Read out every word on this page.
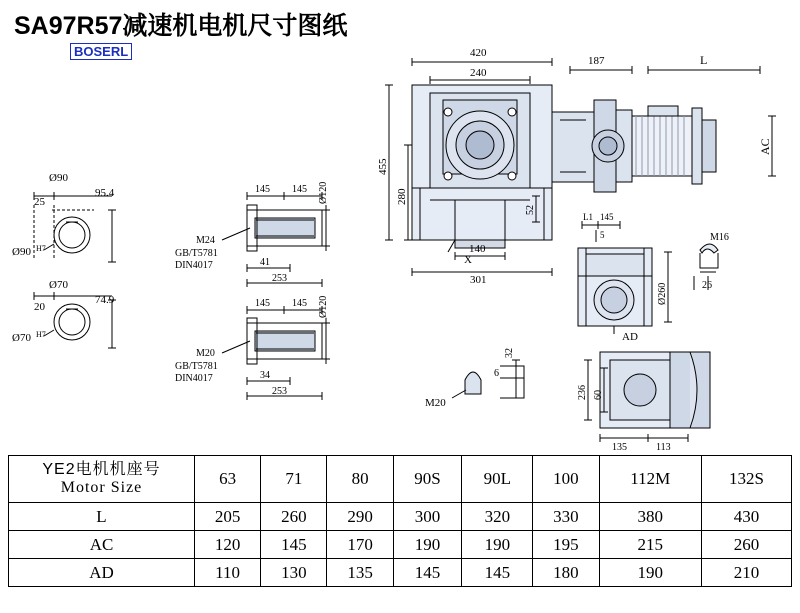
SA97R57减速机电机尺寸图纸
BOSERL
Ø90
25
95.4
Ø90 H7
Ø70
20
74.9
Ø70 H7
Ø120
145 145
41
253
M24
GB/T5781
DIN4017
Ø120
145 145
34
253
M20
GB/T5781
DIN4017
420
240
455
280
52
140
301
X
187	L
AC
L1 145
5
Ø260
AD
M16
26
M20
32
6
236 60
135	113
YE2电机机座号
Motor Size	63	71	80	90S	90L	100	112M	132S
L	205	260	290	300	320	330	380	430
AC	120	145	170	190	190	195	215	260
AD	110	130	135	145	145	180	190	210
